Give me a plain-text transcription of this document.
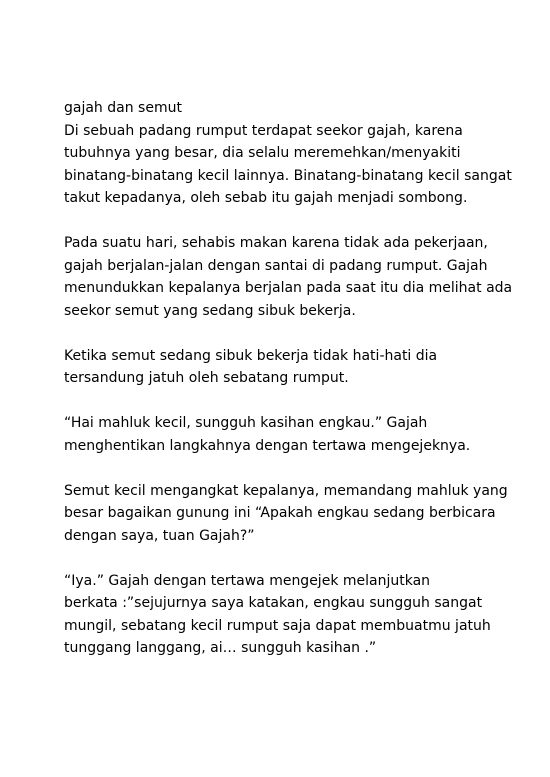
gajah dan semut
Di sebuah padang rumput terdapat seekor gajah, karena
tubuhnya yang besar, dia selalu meremehkan/menyakiti
binatang-binatang kecil lainnya. Binatang-binatang kecil sangat
takut kepadanya, oleh sebab itu gajah menjadi sombong.
Pada suatu hari, sehabis makan karena tidak ada pekerjaan,
gajah berjalan-jalan dengan santai di padang rumput. Gajah
menundukkan kepalanya berjalan pada saat itu dia melihat ada
seekor semut yang sedang sibuk bekerja.
Ketika semut sedang sibuk bekerja tidak hati-hati dia
tersandung jatuh oleh sebatang rumput.
“Hai mahluk kecil, sungguh kasihan engkau.” Gajah
menghentikan langkahnya dengan tertawa mengejeknya.
Semut kecil mengangkat kepalanya, memandang mahluk yang
besar bagaikan gunung ini “Apakah engkau sedang berbicara
dengan saya, tuan Gajah?”
“Iya.” Gajah dengan tertawa mengejek melanjutkan
berkata :”sejujurnya saya katakan, engkau sungguh sangat
mungil, sebatang kecil rumput saja dapat membuatmu jatuh
tunggang langgang, ai… sungguh kasihan .”
